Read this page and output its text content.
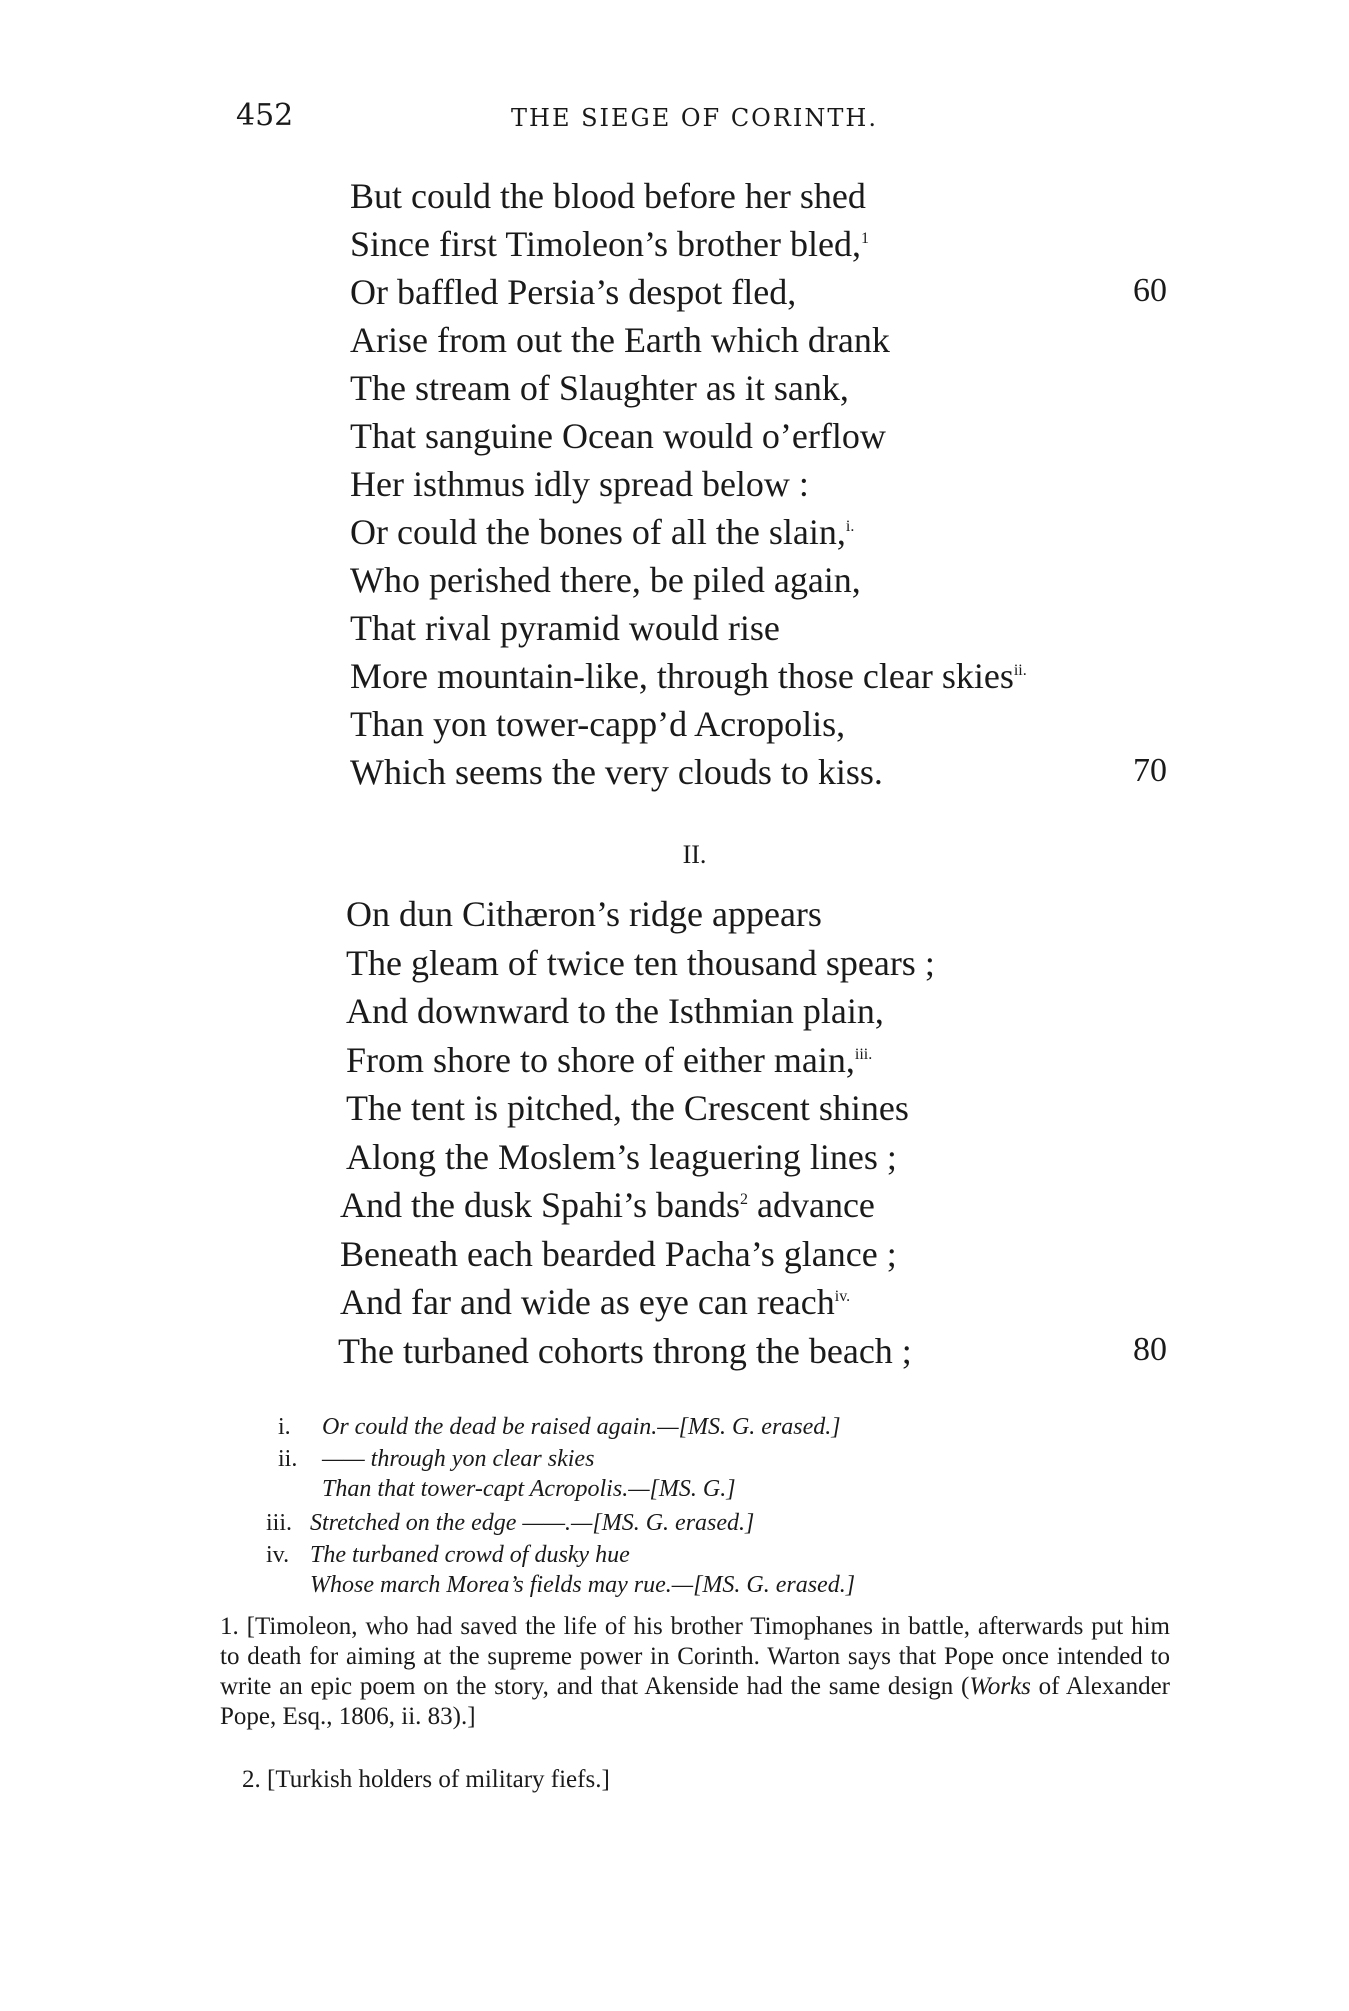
452	THE SIEGE OF CORINTH.
But could the blood before her shed
Since first Timoleon’s brother bled,$^1$
Or baffled Persia’s despot fled,	60
Arise from out the Earth which drank
The stream of Slaughter as it sank,
That sanguine Ocean would o’erflow
Her isthmus idly spread below :
Or could the bones of all the slain,$^{i.}$
Who perished there, be piled again,
That rival pyramid would rise
More mountain-like, through those clear skies$^{ii.}$
Than yon tower-capp’d Acropolis,
Which seems the very clouds to kiss.	70
II.
On dun Cithæron’s ridge appears
The gleam of twice ten thousand spears ;
And downward to the Isthmian plain,
From shore to shore of either main,$^{iii.}$
The tent is pitched, the Crescent shines
Along the Moslem’s leaguering lines ;
And the dusk Spahi’s bands$^2$ advance
Beneath each bearded Pacha’s glance ;
And far and wide as eye can reach$^{iv.}$
The turbaned cohorts throng the beach ;	80
i. Or could the dead be raised again.—[MS. G. erased.]
ii. —— through yon clear skies
Than that tower-capt Acropolis.—[MS. G.]
iii. Stretched on the edge ——.—[MS. G. erased.]
iv. The turbaned crowd of dusky hue
Whose march Morea’s fields may rue.—[MS. G. erased.]
1. [Timoleon, who had saved the life of his brother Timophanes in battle, afterwards put him to death for aiming at the supreme power in Corinth. Warton says that Pope once intended to write an epic poem on the story, and that Akenside had the same design (Works of Alexander Pope, Esq., 1806, ii. 83).]
2. [Turkish holders of military fiefs.]
